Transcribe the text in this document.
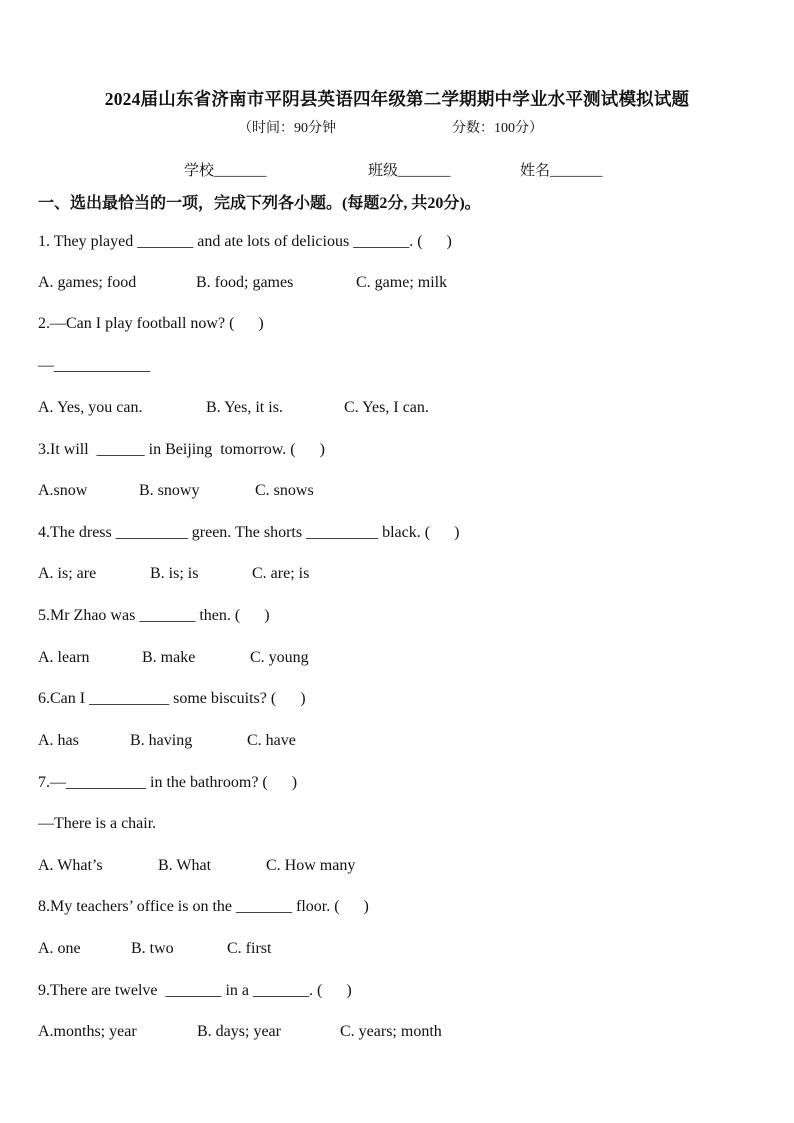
2024届山东省济南市平阴县英语四年级第二学期期中学业水平测试模拟试题
（时间：90分钟	分数：100分）
学校_______	班级_______	姓名_______
一、选出最恰当的一项，完成下列各小题。(每题2分, 共20分)。
1. They played _______ and ate lots of delicious _______. (      )
A. games; food	B. food; games	C. game; milk
2.—Can I play football now? (      )
—____________
A. Yes, you can.	B. Yes, it is.	C. Yes, I can.
3.It will  ______ in Beijing  tomorrow. (      )
A.snow	B. snowy	C. snows
4.The dress _________ green. The shorts _________ black. (      )
A. is; are	B. is; is	C. are; is
5.Mr Zhao was _______ then. (      )
A. learn	B. make	C. young
6.Can I __________ some biscuits? (      )
A. has	B. having	C. have
7.—__________ in the bathroom? (      )
—There is a chair.
A. What’s	B. What	C. How many
8.My teachers’ office is on the _______ floor. (      )
A. one	B. two	C. first
9.There are twelve  _______ in a _______. (      )
A.months; year	B. days; year	C. years; month
